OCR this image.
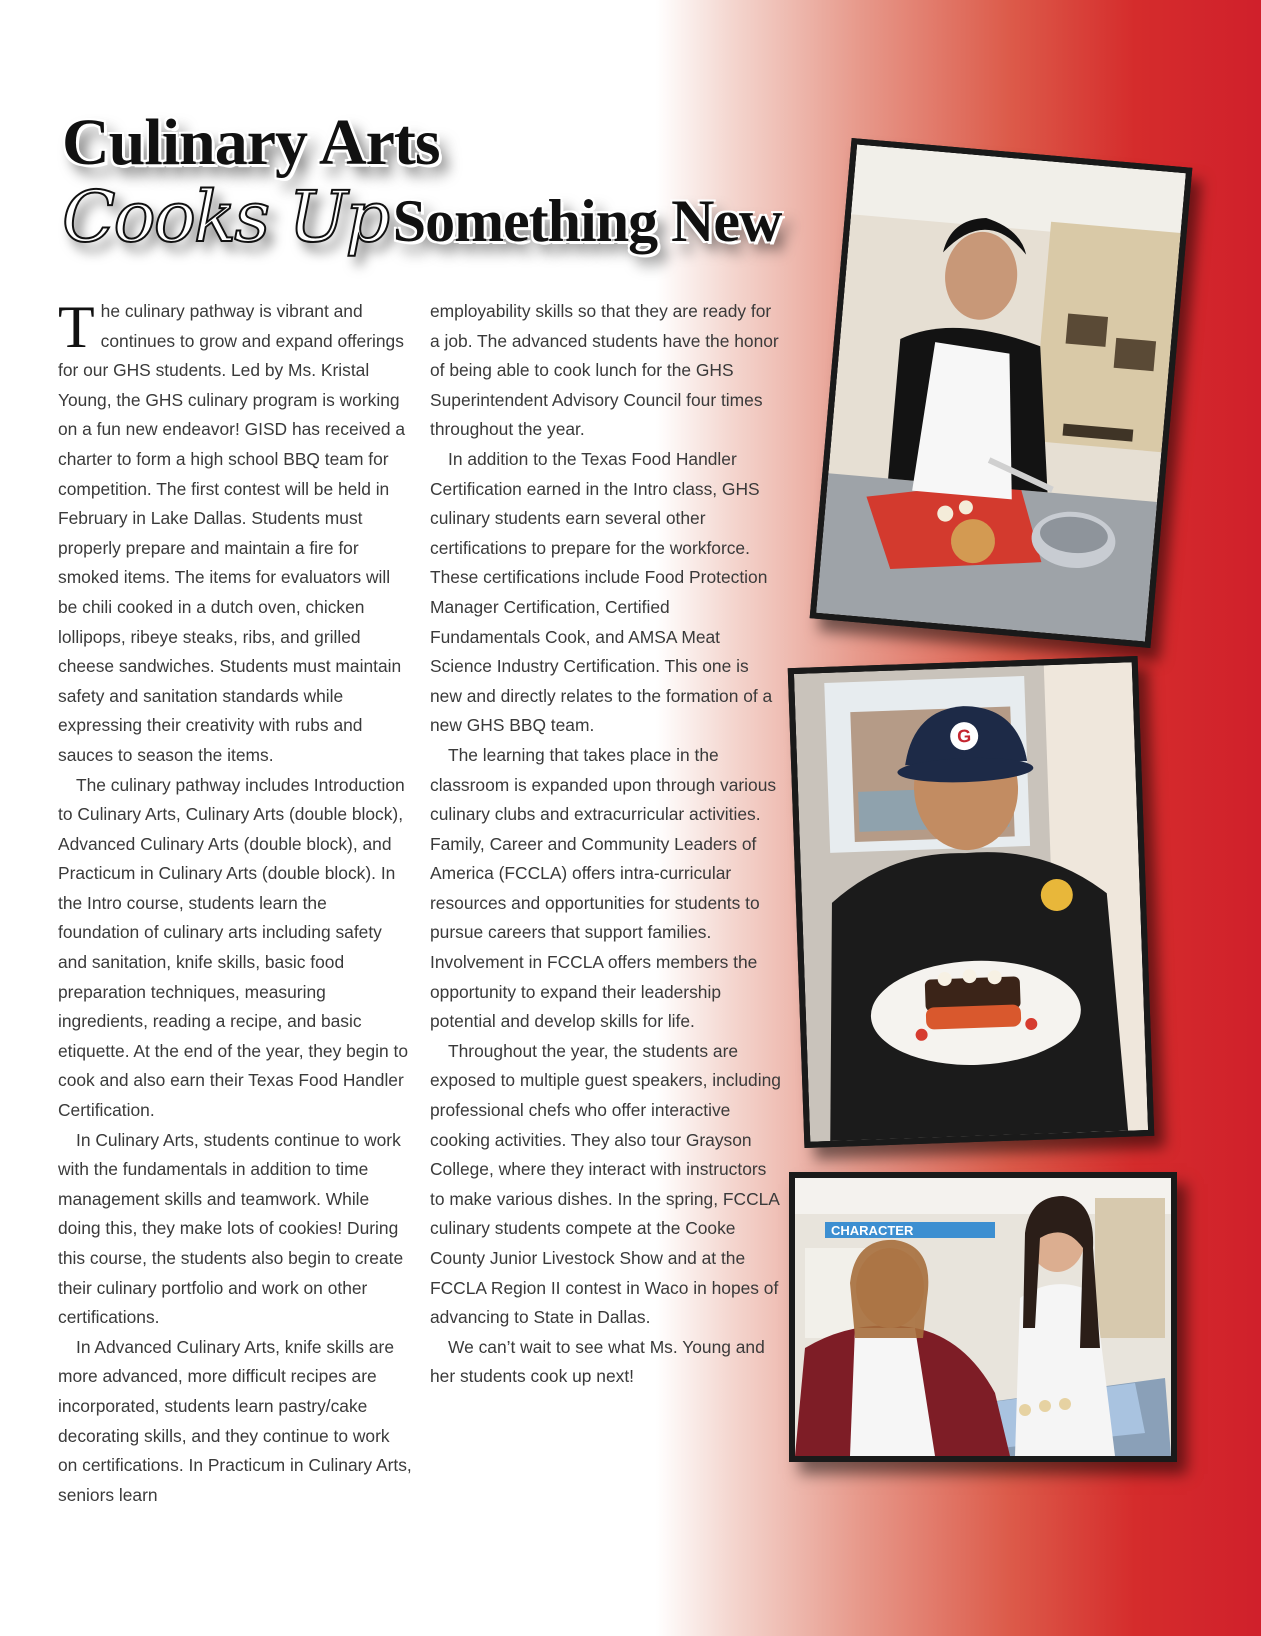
Culinary Arts
Cooks Up Something New

The culinary pathway is vibrant and continues to grow and expand offerings for our GHS students. Led by Ms. Kristal Young, the GHS culinary program is working on a fun new endeavor! GISD has received a charter to form a high school BBQ team for competition. The first contest will be held in February in Lake Dallas. Students must properly prepare and maintain a fire for smoked items. The items for evaluators will be chili cooked in a dutch oven, chicken lollipops, ribeye steaks, ribs, and grilled cheese sandwiches. Students must maintain safety and sanitation standards while expressing their creativity with rubs and sauces to season the items.

The culinary pathway includes Introduction to Culinary Arts, Culinary Arts (double block), Advanced Culinary Arts (double block), and Practicum in Culinary Arts (double block). In the Intro course, students learn the foundation of culinary arts including safety and sanitation, knife skills, basic food preparation techniques, measuring ingredients, reading a recipe, and basic etiquette. At the end of the year, they begin to cook and also earn their Texas Food Handler Certification.

In Culinary Arts, students continue to work with the fundamentals in addition to time management skills and teamwork. While doing this, they make lots of cookies! During this course, the students also begin to create their culinary portfolio and work on other certifications.

In Advanced Culinary Arts, knife skills are more advanced, more difficult recipes are incorporated, students learn pastry/cake decorating skills, and they continue to work on certifications. In Practicum in Culinary Arts, seniors learn

employability skills so that they are ready for a job. The advanced students have the honor of being able to cook lunch for the GHS Superintendent Advisory Council four times throughout the year.

In addition to the Texas Food Handler Certification earned in the Intro class, GHS culinary students earn several other certifications to prepare for the workforce. These certifications include Food Protection Manager Certification, Certified Fundamentals Cook, and AMSA Meat Science Industry Certification. This one is new and directly relates to the formation of a new GHS BBQ team.

The learning that takes place in the classroom is expanded upon through various culinary clubs and extracurricular activities. Family, Career and Community Leaders of America (FCCLA) offers intra-curricular resources and opportunities for students to pursue careers that support families. Involvement in FCCLA offers members the opportunity to expand their leadership potential and develop skills for life.

Throughout the year, the students are exposed to multiple guest speakers, including professional chefs who offer interactive cooking activities. They also tour Grayson College, where they interact with instructors to make various dishes. In the spring, FCCLA culinary students compete at the Cooke County Junior Livestock Show and at the FCCLA Region II contest in Waco in hopes of advancing to State in Dallas.

We can’t wait to see what Ms. Young and her students cook up next!

G
CHARACTER
